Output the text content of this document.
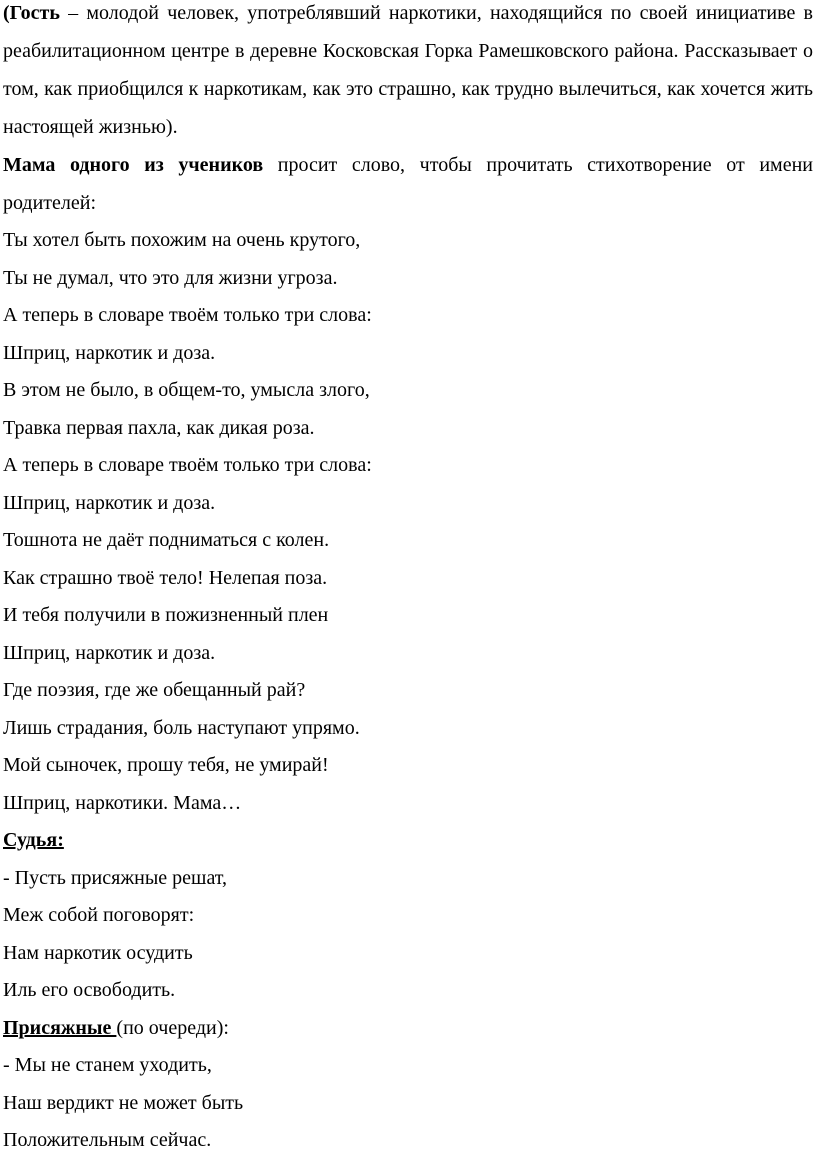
(Гость – молодой человек, употреблявший наркотики, находящийся по своей инициативе в реабилитационном центре в деревне Косковская Горка Рамешковского района. Рассказывает о том, как приобщился к наркотикам, как это страшно, как трудно вылечиться, как хочется жить настоящей жизнью).

Мама одного из учеников просит слово, чтобы прочитать стихотворение от имени родителей:

Ты хотел быть похожим на очень крутого,

Ты не думал, что это для жизни угроза.

А теперь в словаре твоём только три слова:

Шприц, наркотик и доза.

В этом не было, в общем-то, умысла злого,

Травка первая пахла, как дикая роза.

А теперь в словаре твоём только три слова:

Шприц, наркотик и доза.

Тошнота не даёт подниматься с колен.

Как страшно твоё тело! Нелепая поза.

И тебя получили в пожизненный плен

Шприц, наркотик и доза.

Где поэзия, где же обещанный рай?

Лишь страдания, боль наступают упрямо.

Мой сыночек, прошу тебя, не умирай!

Шприц, наркотики. Мама…

Судья:

- Пусть присяжные решат,

Меж собой поговорят:

Нам наркотик осудить

Иль его освободить.

Присяжные (по очереди):

- Мы не станем уходить,

Наш вердикт не может быть

Положительным сейчас.
